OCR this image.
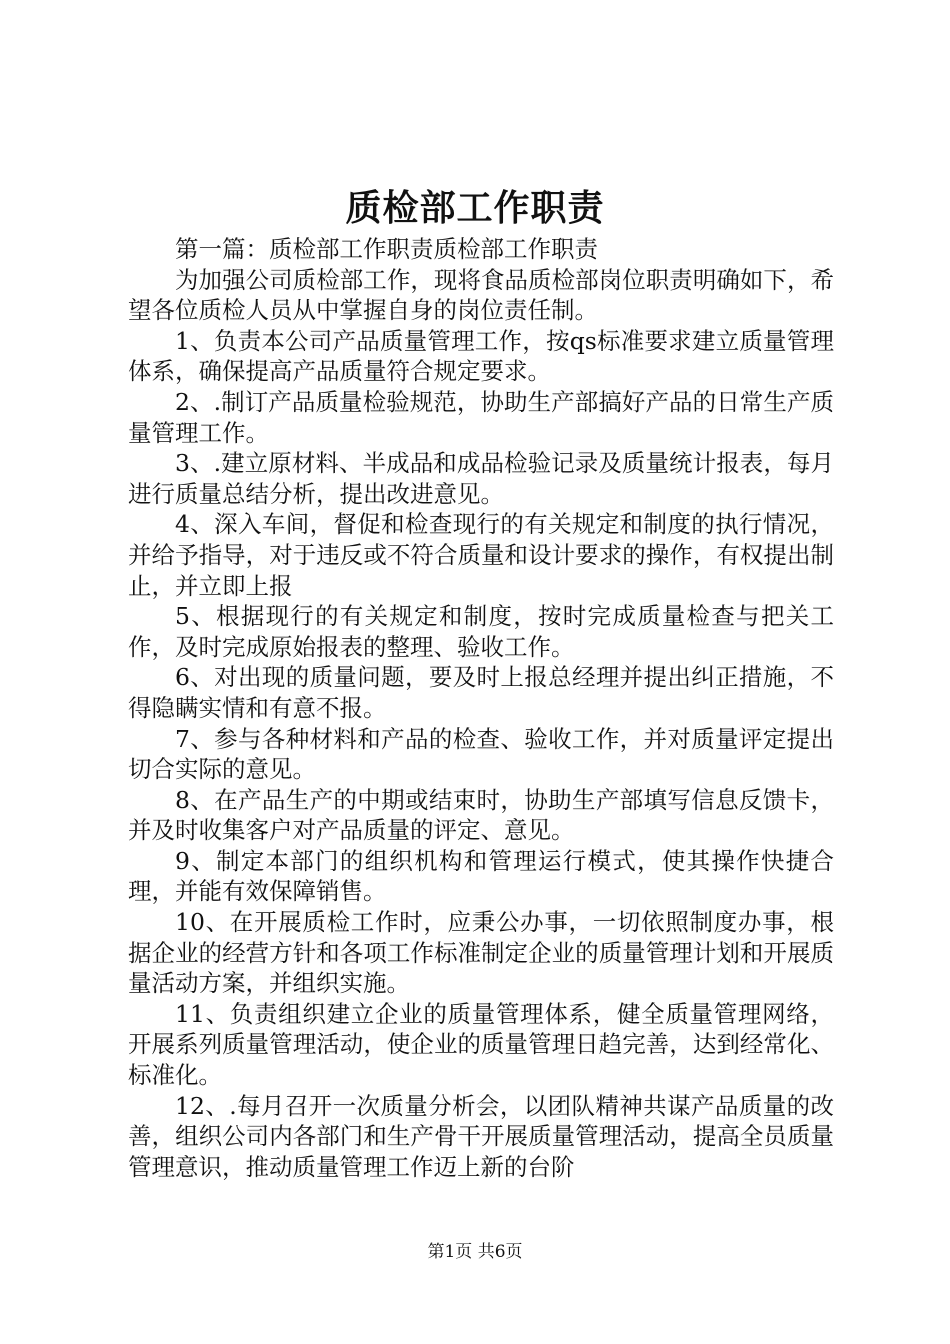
质检部工作职责

第一篇：质检部工作职责质检部工作职责

为加强公司质检部工作，现将食品质检部岗位职责明确如下，希望各位质检人员从中掌握自身的岗位责任制。

1、负责本公司产品质量管理工作，按qs标准要求建立质量管理体系，确保提高产品质量符合规定要求。

2、.制订产品质量检验规范，协助生产部搞好产品的日常生产质量管理工作。

3、.建立原材料、半成品和成品检验记录及质量统计报表，每月进行质量总结分析，提出改进意见。

4、深入车间，督促和检查现行的有关规定和制度的执行情况，并给予指导，对于违反或不符合质量和设计要求的操作，有权提出制止，并立即上报

5、根据现行的有关规定和制度，按时完成质量检查与把关工作，及时完成原始报表的整理、验收工作。

6、对出现的质量问题，要及时上报总经理并提出纠正措施，不得隐瞒实情和有意不报。

7、参与各种材料和产品的检查、验收工作，并对质量评定提出切合实际的意见。

8、在产品生产的中期或结束时，协助生产部填写信息反馈卡，并及时收集客户对产品质量的评定、意见。

9、制定本部门的组织机构和管理运行模式，使其操作快捷合理，并能有效保障销售。

10、在开展质检工作时，应秉公办事，一切依照制度办事，根据企业的经营方针和各项工作标准制定企业的质量管理计划和开展质量活动方案，并组织实施。

11、负责组织建立企业的质量管理体系，健全质量管理网络，开展系列质量管理活动，使企业的质量管理日趋完善，达到经常化、标准化。

12、.每月召开一次质量分析会，以团队精神共谋产品质量的改善，组织公司内各部门和生产骨干开展质量管理活动，提高全员质量管理意识，推动质量管理工作迈上新的台阶

第1页 共6页
